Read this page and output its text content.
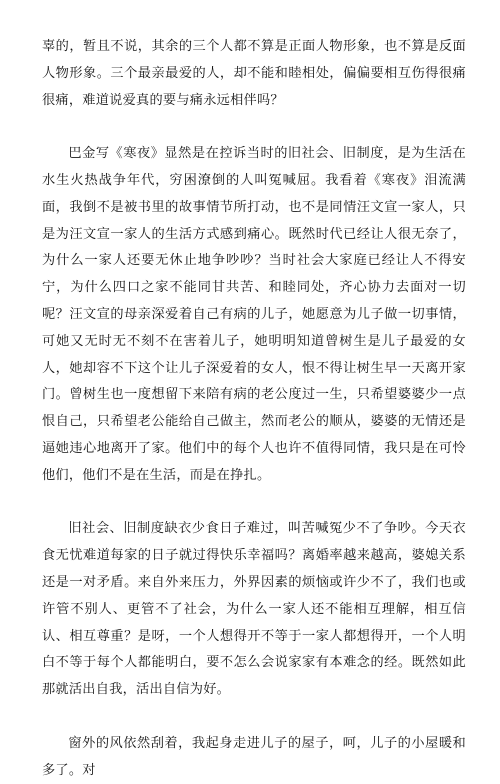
辜的，暂且不说，其余的三个人都不算是正面人物形象，也不算是反面人物形象。三个最亲最爱的人，却不能和睦相处，偏偏要相互伤得很痛很痛，难道说爱真的要与痛永远相伴吗？

巴金写《寒夜》显然是在控诉当时的旧社会、旧制度，是为生活在水生火热战争年代，穷困潦倒的人叫冤喊屈。我看着《寒夜》泪流满面，我倒不是被书里的故事情节所打动，也不是同情汪文宣一家人，只是为汪文宣一家人的生活方式感到痛心。既然时代已经让人很无奈了，为什么一家人还要无休止地争吵吵？当时社会大家庭已经让人不得安宁，为什么四口之家不能同甘共苦、和睦同处，齐心协力去面对一切呢？汪文宣的母亲深爱着自己有病的儿子，她愿意为儿子做一切事情，可她又无时无不刻不在害着儿子，她明明知道曾树生是儿子最爱的女人，她却容不下这个让儿子深爱着的女人，恨不得让树生早一天离开家门。曾树生也一度想留下来陪有病的老公度过一生，只希望婆婆少一点恨自己，只希望老公能给自己做主，然而老公的顺从，婆婆的无情还是逼她违心地离开了家。他们中的每个人也许不值得同情，我只是在可怜他们，他们不是在生活，而是在挣扎。

旧社会、旧制度缺衣少食日子难过，叫苦喊冤少不了争吵。今天衣食无忧难道每家的日子就过得快乐幸福吗？离婚率越来越高，婆媳关系还是一对矛盾。来自外来压力，外界因素的烦恼或许少不了，我们也或许管不别人、更管不了社会，为什么一家人还不能相互理解，相互信认、相互尊重？是呀，一个人想得开不等于一家人都想得开，一个人明白不等于每个人都能明白，要不怎么会说家家有本难念的经。既然如此那就活出自我，活出自信为好。

窗外的风依然刮着，我起身走进儿子的屋子，呵，儿子的小屋暖和多了。对
